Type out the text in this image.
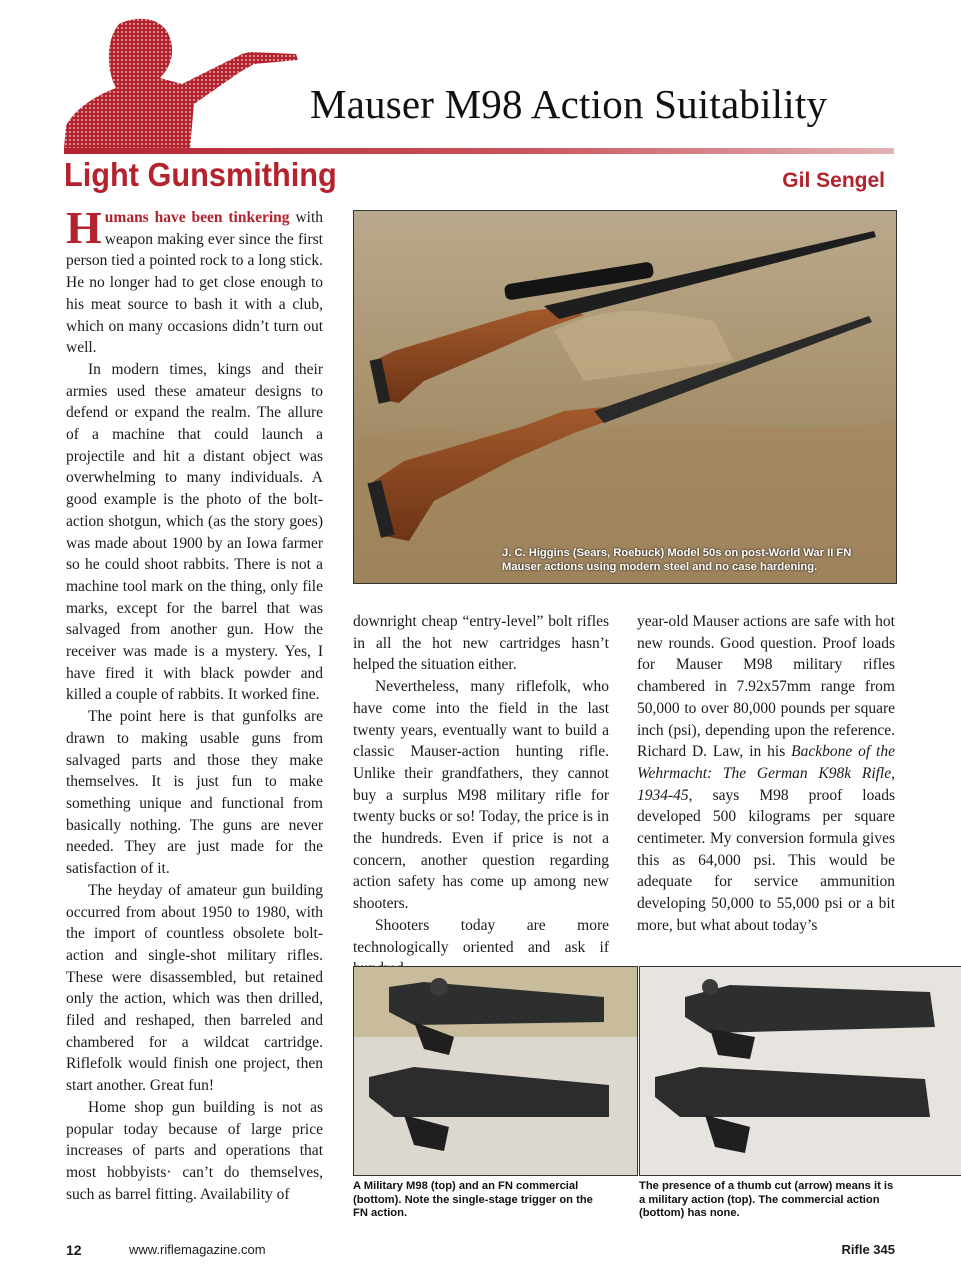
Mauser M98 Action Suitability
Light Gunsmithing	Gil Sengel

Humans have been tinkering with weapon making ever since the first person tied a pointed rock to a long stick. He no longer had to get close enough to his meat source to bash it with a club, which on many occasions didn’t turn out well.

In modern times, kings and their armies used these amateur designs to defend or expand the realm. The allure of a machine that could launch a projectile and hit a distant object was overwhelming to many individuals. A good example is the photo of the bolt-action shotgun, which (as the story goes) was made about 1900 by an Iowa farmer so he could shoot rabbits. There is not a machine tool mark on the thing, only file marks, except for the barrel that was salvaged from another gun. How the receiver was made is a mystery. Yes, I have fired it with black powder and killed a couple of rabbits. It worked fine.

The point here is that gunfolks are drawn to making usable guns from salvaged parts and those they make themselves. It is just fun to make something unique and functional from basically nothing. The guns are never needed. They are just made for the satisfaction of it.

The heyday of amateur gun building occurred from about 1950 to 1980, with the import of countless obsolete bolt-action and single-shot military rifles. These were disassembled, but retained only the action, which was then drilled, filed and reshaped, then barreled and chambered for a wildcat cartridge. Riflefolk would finish one project, then start another. Great fun!

Home shop gun building is not as popular today because of large price increases of parts and operations that most hobbyists· can’t do themselves, such as barrel fitting. Availability of

J. C. Higgins (Sears, Roebuck) Model 50s on post-World War II FN Mauser actions using modern steel and no case hardening.

downright cheap “entry-level” bolt rifles in all the hot new cartridges hasn’t helped the situation either.

Nevertheless, many riflefolk, who have come into the field in the last twenty years, eventually want to build a classic Mauser-action hunting rifle. Unlike their grandfathers, they cannot buy a surplus M98 military rifle for twenty bucks or so! Today, the price is in the hundreds. Even if price is not a concern, another question regarding action safety has come up among new shooters.

Shooters today are more technologically oriented and ask if

year-old Mauser actions are safe with hot new rounds. Good question. Proof loads for Mauser M98 military rifles chambered in 7.92x57mm range from 50,000 to over 80,000 pounds per square inch (psi), depending upon the reference. Richard D. Law, in his Backbone of the Wehrmacht: The German K98k Rifle, 1934-45, says M98 proof loads developed 500 kilograms per square centimeter. My conversion formula gives this as 64,000 psi. This would be adequate for service ammunition developing 50,000 to 55,000 psi or a bit more, but what about today’s

A Military M98 (top) and an FN commercial (bottom). Note the single-stage trigger on the FN action.
The presence of a thumb cut (arrow) means it is a military action (top). The commercial action (bottom) has none.
12	www.riflemagazine.com	Rifle 345
